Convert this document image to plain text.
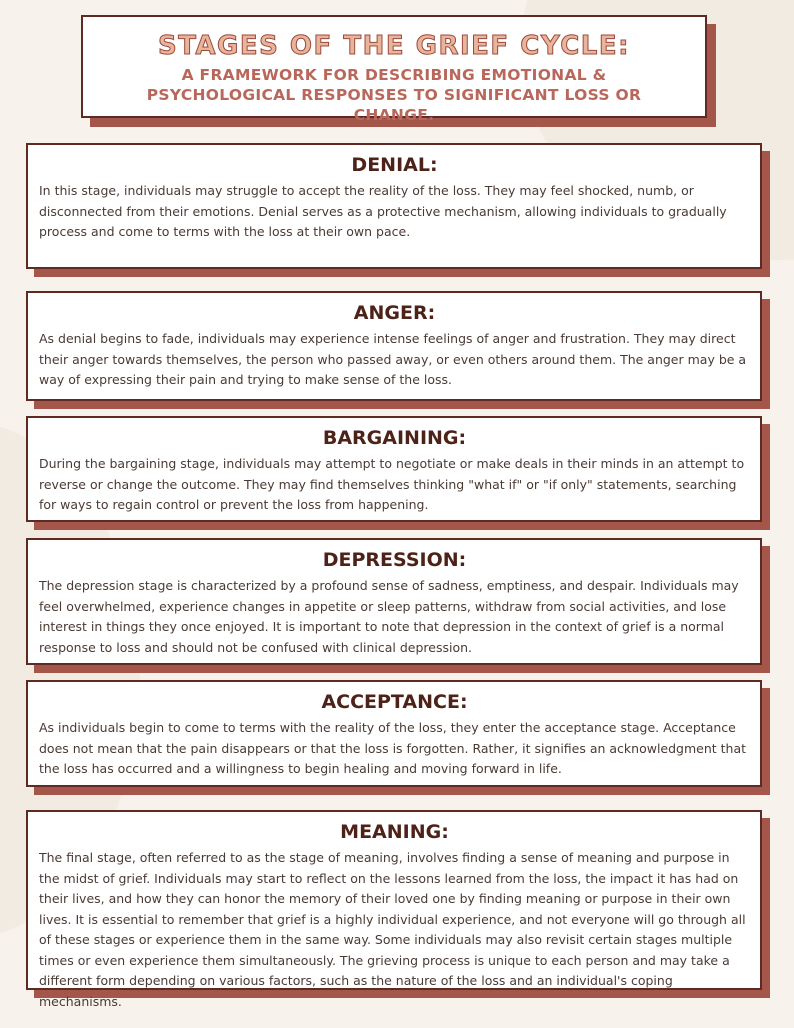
STAGES OF THE GRIEF CYCLE:
A FRAMEWORK FOR DESCRIBING EMOTIONAL & PSYCHOLOGICAL RESPONSES TO SIGNIFICANT LOSS OR CHANGE.
DENIAL:

In this stage, individuals may struggle to accept the reality of the loss. They may feel shocked, numb, or disconnected from their emotions. Denial serves as a protective mechanism, allowing individuals to gradually process and come to terms with the loss at their own pace.

ANGER:

As denial begins to fade, individuals may experience intense feelings of anger and frustration. They may direct their anger towards themselves, the person who passed away, or even others around them. The anger may be a way of expressing their pain and trying to make sense of the loss.

BARGAINING:

During the bargaining stage, individuals may attempt to negotiate or make deals in their minds in an attempt to reverse or change the outcome. They may find themselves thinking "what if" or "if only" statements, searching for ways to regain control or prevent the loss from happening.

DEPRESSION:

The depression stage is characterized by a profound sense of sadness, emptiness, and despair. Individuals may feel overwhelmed, experience changes in appetite or sleep patterns, withdraw from social activities, and lose interest in things they once enjoyed. It is important to note that depression in the context of grief is a normal response to loss and should not be confused with clinical depression.

ACCEPTANCE:

As individuals begin to come to terms with the reality of the loss, they enter the acceptance stage. Acceptance does not mean that the pain disappears or that the loss is forgotten. Rather, it signifies an acknowledgment that the loss has occurred and a willingness to begin healing and moving forward in life.

MEANING:

The final stage, often referred to as the stage of meaning, involves finding a sense of meaning and purpose in the midst of grief. Individuals may start to reflect on the lessons learned from the loss, the impact it has had on their lives, and how they can honor the memory of their loved one by finding meaning or purpose in their own lives. It is essential to remember that grief is a highly individual experience, and not everyone will go through all of these stages or experience them in the same way. Some individuals may also revisit certain stages multiple times or even experience them simultaneously. The grieving process is unique to each person and may take a different form depending on various factors, such as the nature of the loss and an individual's coping mechanisms.
